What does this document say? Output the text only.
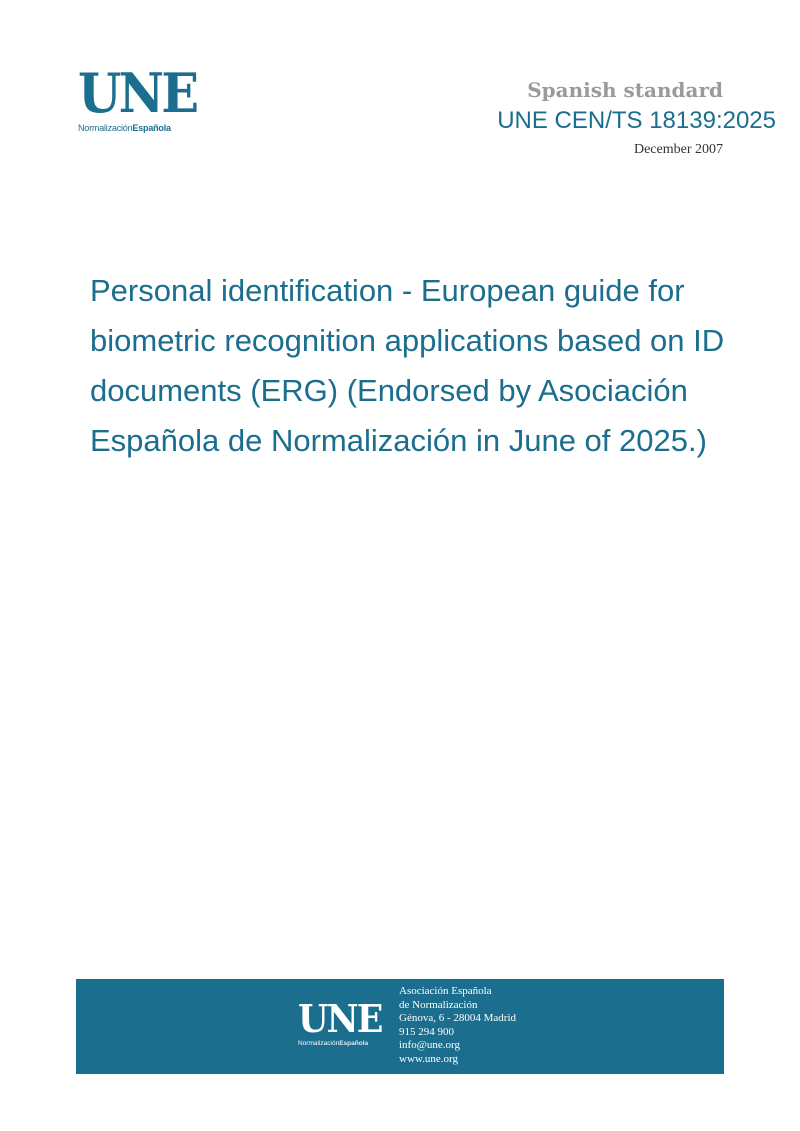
UNE
NormalizaciónEspañola
Spanish standard
UNE CEN/TS 18139:2025
December 2007
Personal identification - European guide for biometric recognition applications based on ID documents (ERG) (Endorsed by Asociación Española de Normalización in June of 2025.)
UNE
NormalizaciónEspañola
Asociación Española
de Normalización
Génova, 6 - 28004 Madrid
915 294 900
info@une.org
www.une.org
